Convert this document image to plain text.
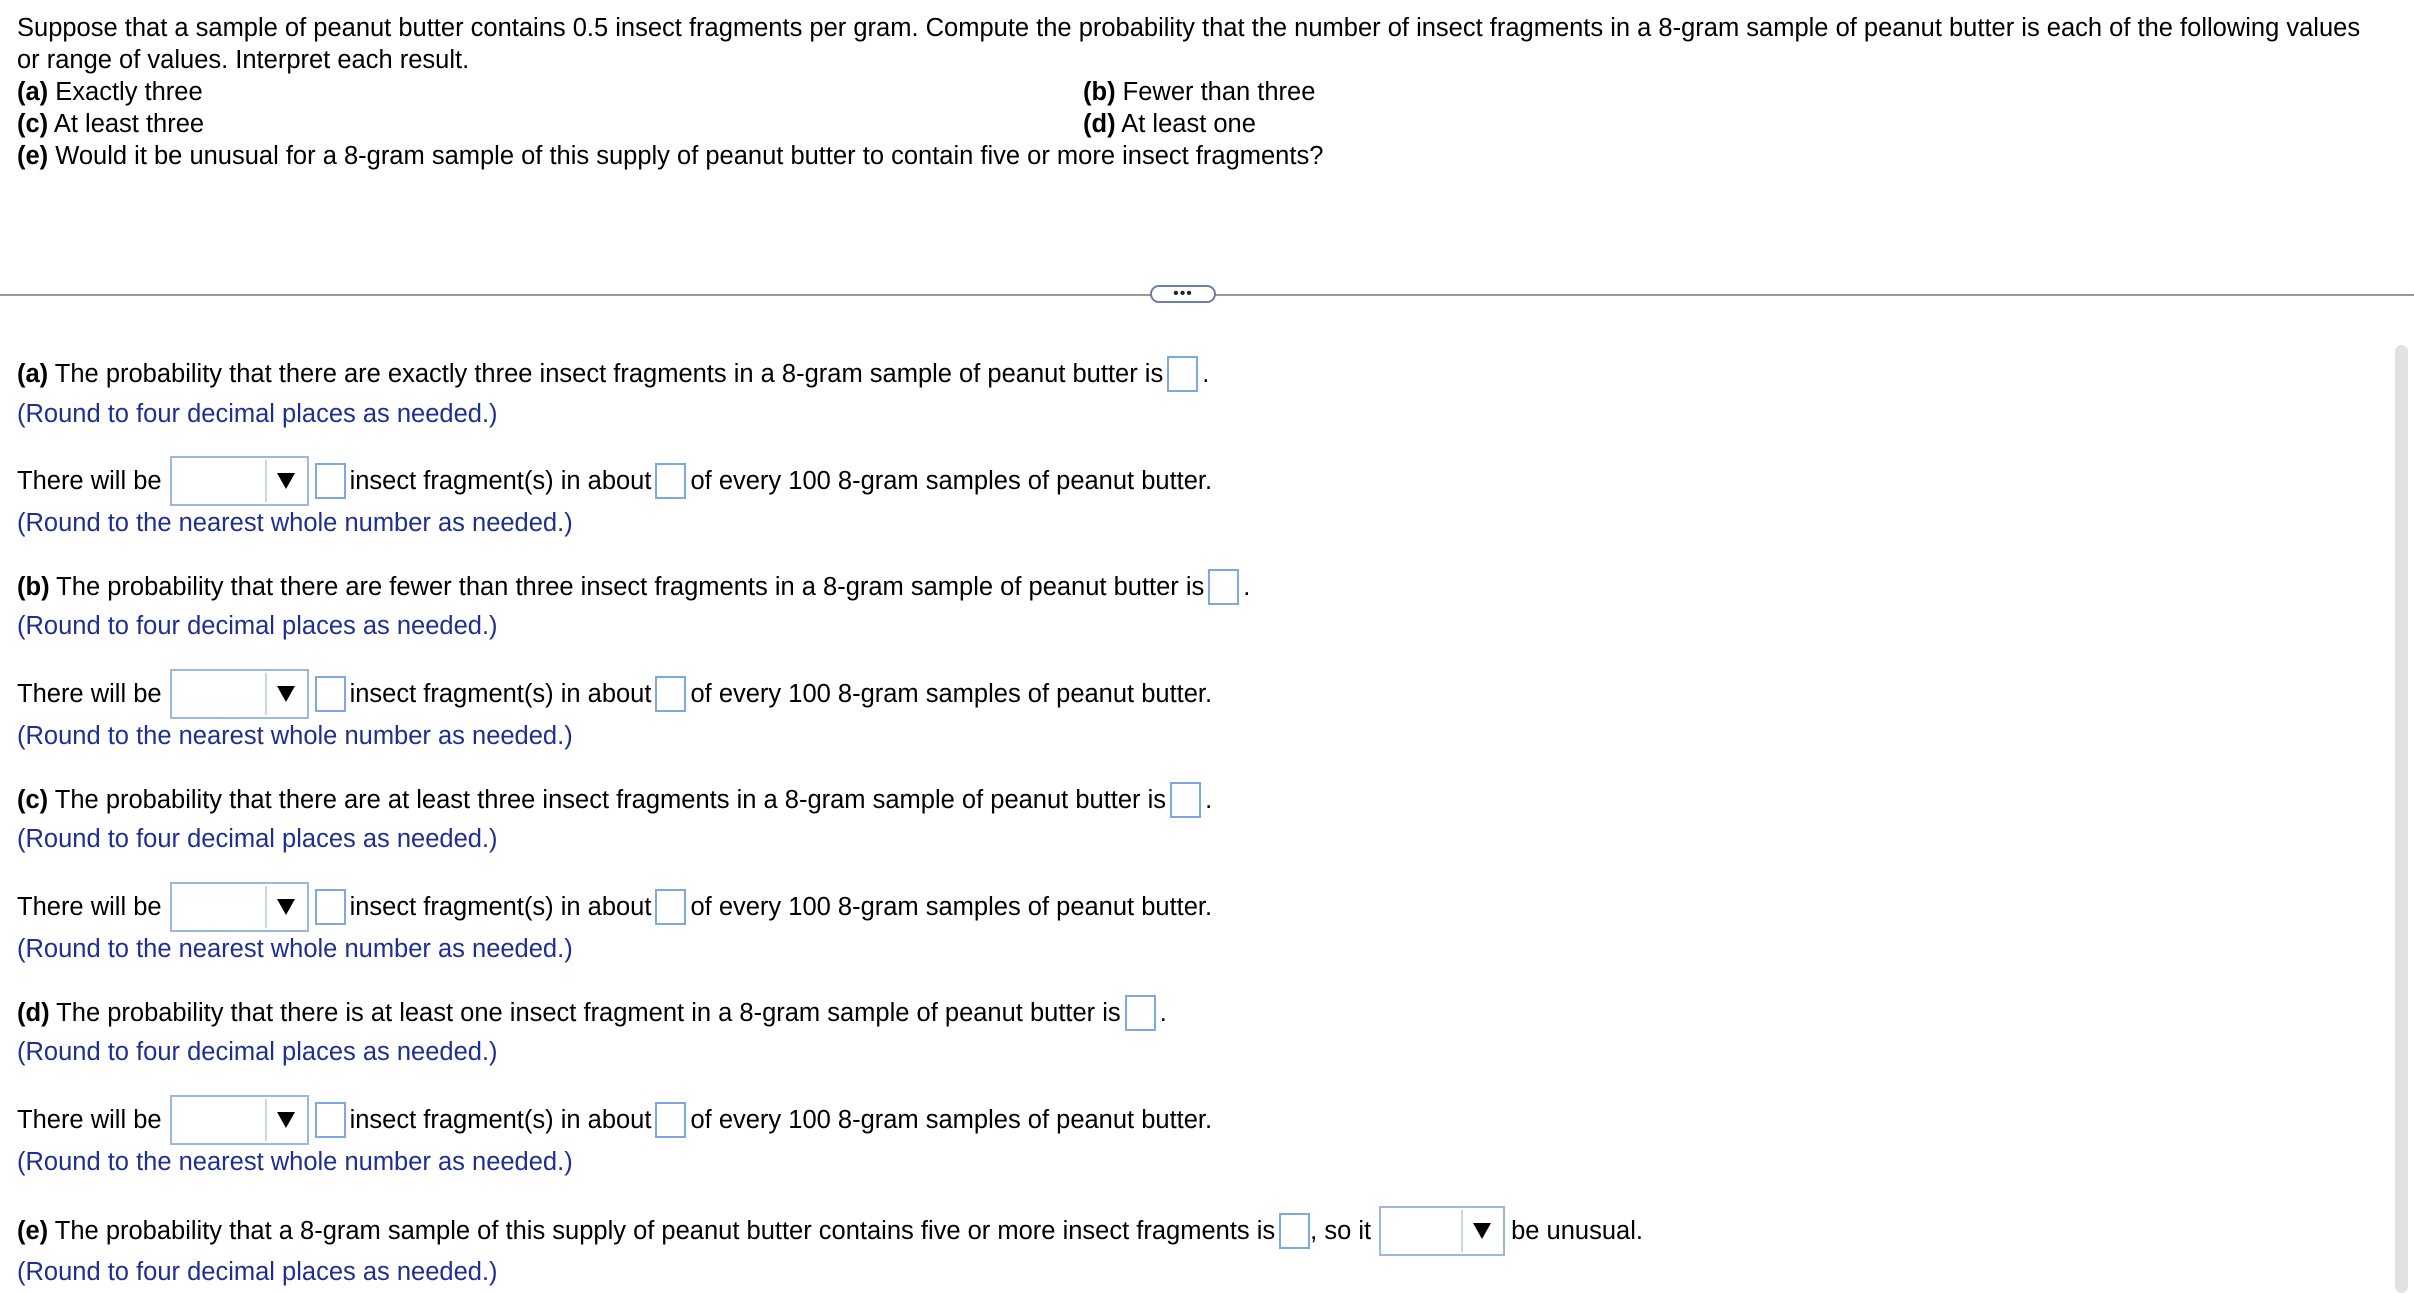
Suppose that a sample of peanut butter contains 0.5 insect fragments per gram. Compute the probability that the number of insect fragments in a 8-gram sample of peanut butter is each of the following values
or range of values. Interpret each result.
(a) Exactly three	(b) Fewer than three
(c) At least three	(d) At least one
(e) Would it be unusual for a 8-gram sample of this supply of peanut butter to contain five or more insect fragments?
•••
(a) The probability that there are exactly three insect fragments in a 8-gram sample of peanut butter is .
(Round to four decimal places as needed.)
There will be	insect fragment(s) in about of every 100 8-gram samples of peanut butter.
(Round to the nearest whole number as needed.)
(b) The probability that there are fewer than three insect fragments in a 8-gram sample of peanut butter is .
(Round to four decimal places as needed.)
There will be	insect fragment(s) in about of every 100 8-gram samples of peanut butter.
(Round to the nearest whole number as needed.)
(c) The probability that there are at least three insect fragments in a 8-gram sample of peanut butter is .
(Round to four decimal places as needed.)
There will be	insect fragment(s) in about of every 100 8-gram samples of peanut butter.
(Round to the nearest whole number as needed.)
(d) The probability that there is at least one insect fragment in a 8-gram sample of peanut butter is .
(Round to four decimal places as needed.)
There will be	insect fragment(s) in about of every 100 8-gram samples of peanut butter.
(Round to the nearest whole number as needed.)
(e) The probability that a 8-gram sample of this supply of peanut butter contains five or more insect fragments is , so it	be unusual.
(Round to four decimal places as needed.)
